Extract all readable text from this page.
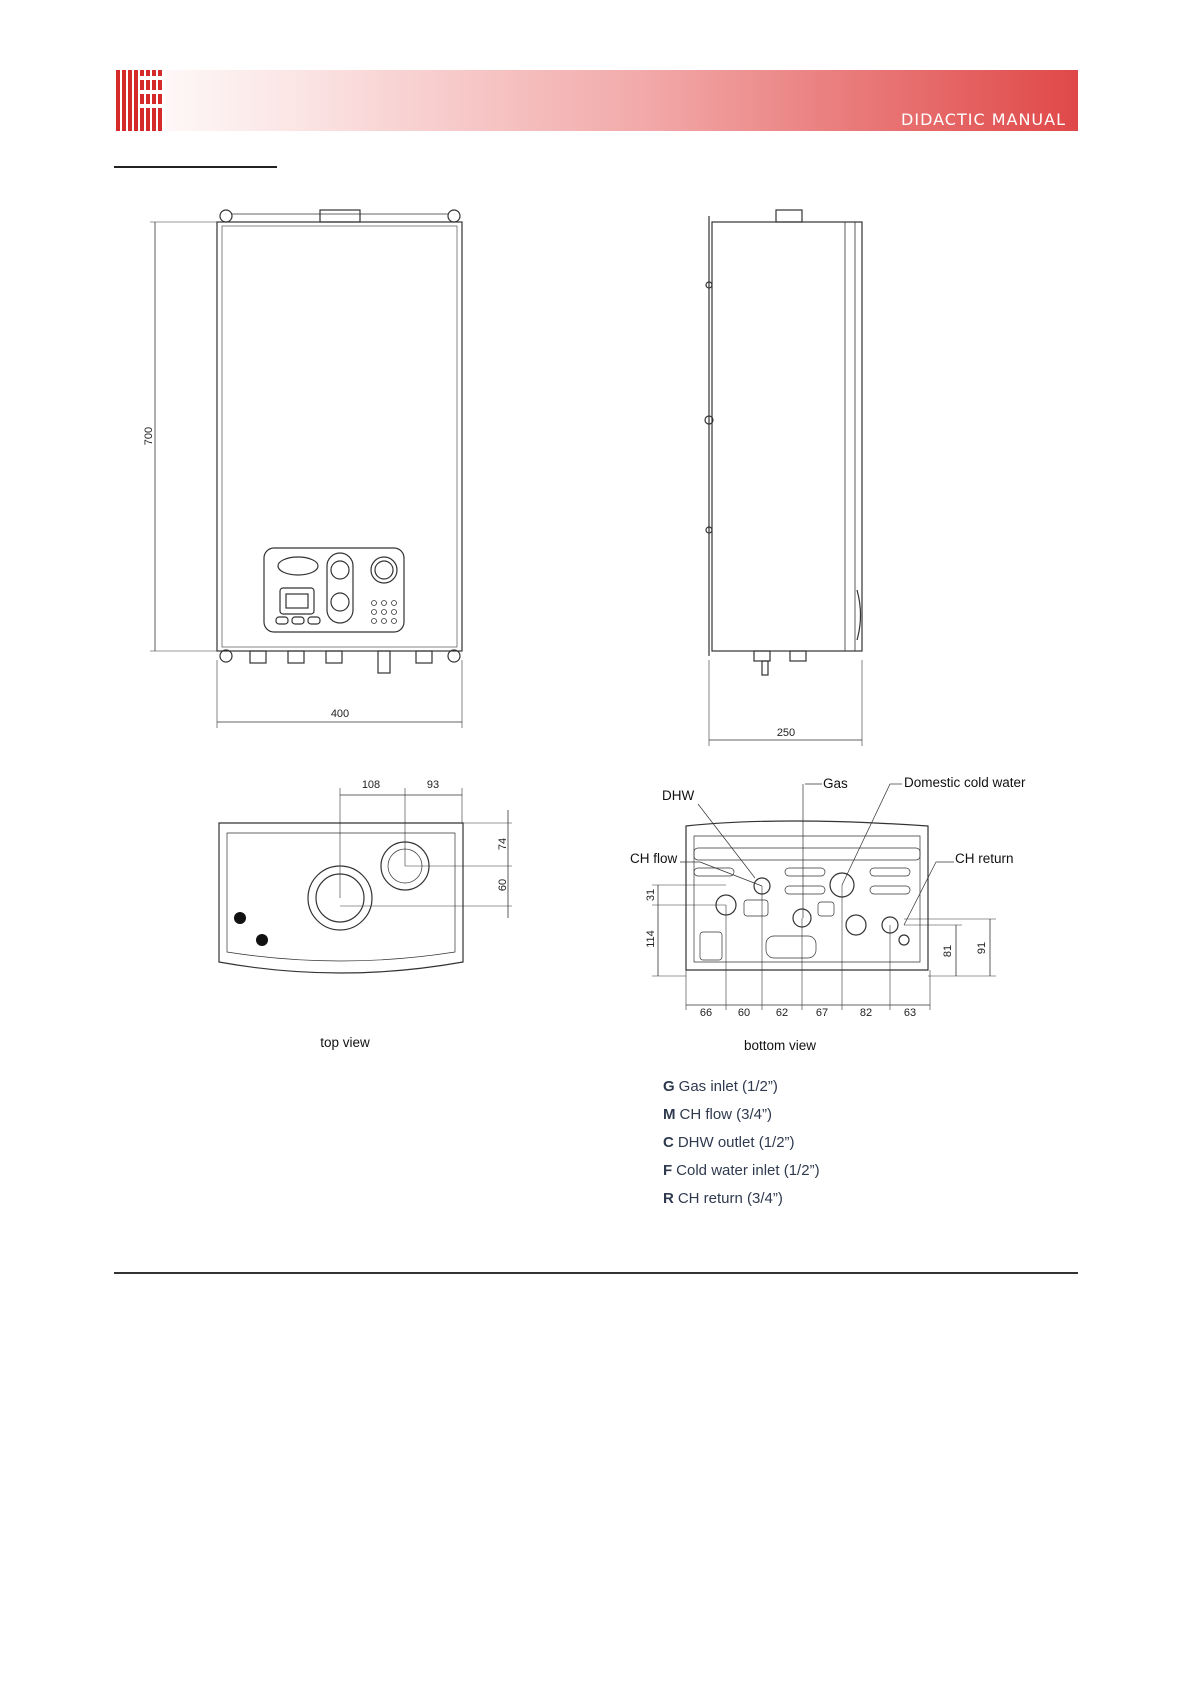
DIDACTIC MANUAL
700
400
250
108	93
74
60
top view
DHW
Gas	Domestic cold water
CH flow	CH return
31
114
81 91
66	60	62	67	82	63
bottom view
G Gas inlet (1/2”)
M CH flow (3/4”)
C DHW outlet (1/2”)
F Cold water inlet (1/2”)
R CH return (3/4”)
